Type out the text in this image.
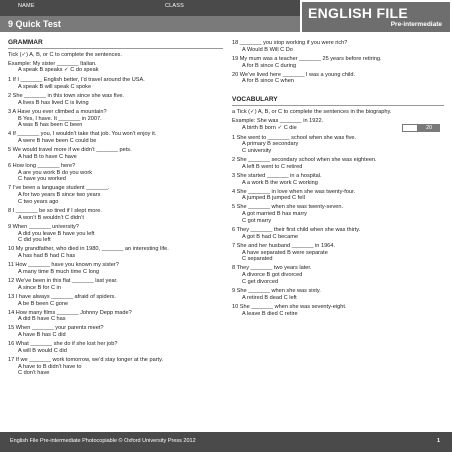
NAME	CLASS
9 Quick Test
ENGLISH FILE
Pre-intermediate
GRAMMAR
Tick (✓) A, B, or C to complete the sentences.
Example: My sister _______ Italian.
A speak B speaks ✓ C do speak
1 If I _______ English better, I’d travel around the USA.
A speak B will speak C spoke
2 She _______ in this town since she was five.
A lives B has lived C is living
3 A Have you ever climbed a mountain?
B Yes, I have. It _______ in 2007.
A was B has been C been
4 If _______ you, I wouldn’t take that job. You won’t enjoy it.
A were B have been C could be
5 We would travel more if we didn’t _______ pets.
A had B to have C have
6 How long _______ here?
A are you work B do you work
C have you worked
7 I’ve been a language student _______.
A for two years B since two years
C two years ago
8 I _______ be so tired if I slept more.
A won’t B wouldn’t C didn’t
9 When _______ university?
A did you leave B have you left
C did you left
10 My grandfather, who died in 1980, _______ an interesting life.
A has had B had C has
11 How _______ have you known my sister?
A many time B much time C long
12 We’ve been in this flat _______ last year.
A since B for C in
13 I have always _______ afraid of spiders.
A be B been C gone
14 How many films _______ Johnny Depp made?
A did B have C has
15 When _______ your parents meet?
A have B has C did
16 What _______ she do if she lost her job?
A will B would C did
17 If we _______ work tomorrow, we’d stay longer at the party.
A have to B didn’t have to
C don’t have
18 _______ you stop working if you were rich?
A Would B Will C Do
19 My mum was a teacher _______ 25 years before retiring.
A for B since C during
20 We’ve lived here _______ I was a young child.
A for B since C when
VOCABULARY
a Tick (✓) A, B, or C to complete the sentences in the biography.
Example: She was _______ in 1922.
A birth B born ✓ C die
1 She went to _______ school when she was five.
A primary B secondary
C university
2 She _______ secondary school when she was eighteen.
A left B went to C retired
3 She started _______ in a hospital.
A a work B the work C working
4 She _______ in love when she was twenty-four.
A jumped B jumped C fell
5 She _______ when she was twenty-seven.
A got married B has marry
C got marry
6 They _______ their first child when she was thirty.
A got B had C became
7 She and her husband _______ in 1964.
A have separated B were separate
C separated
8 They _______ two years later.
A divorce B got divorced
C get divorced
9 She _______ when she was sixty.
A retired B dead C left
10 She _______ when she was seventy-eight.
A leave B died C retire
20
English File Pre-intermediate Photocopiable © Oxford University Press 2012	1
